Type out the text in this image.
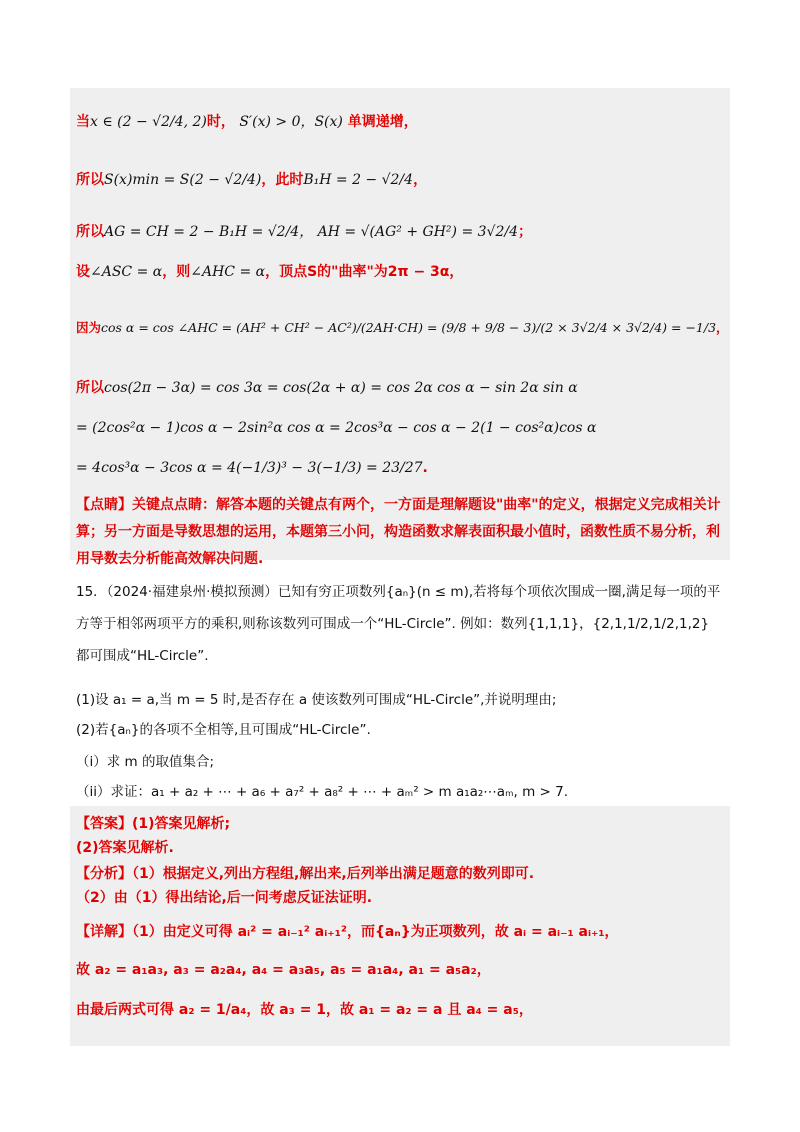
当x ∈ (2 − √2/4, 2)时， S′(x) > 0，S(x) 单调递增，
所以S(x)min = S(2 − √2/4)，此时B₁H = 2 − √2/4，
所以AG = CH = 2 − B₁H = √2/4， AH = √(AG² + GH²) = 3√2/4；
设∠ASC = α，则∠AHC = α，顶点S的"曲率"为2π − 3α，
因为cos α = cos ∠AHC = (AH² + CH² − AC²)/(2AH·CH) = (9/8 + 9/8 − 3)/(2 × 3√2/4 × 3√2/4) = −1/3，
所以cos(2π − 3α) = cos 3α = cos(2α + α) = cos 2α cos α − sin 2α sin α
= (2cos²α − 1)cos α − 2sin²α cos α = 2cos³α − cos α − 2(1 − cos²α)cos α
= 4cos³α − 3cos α = 4(−1/3)³ − 3(−1/3) = 23/27.
【点睛】关键点点睛：解答本题的关键点有两个，一方面是理解题设"曲率"的定义，根据定义完成相关计算；另一方面是导数思想的运用，本题第三小问，构造函数求解表面积最小值时，函数性质不易分析，利用导数去分析能高效解决问题.
15．（2024·福建泉州·模拟预测）已知有穷正项数列{aₙ}(n ≤ m),若将每个项依次围成一圈,满足每一项的平方等于相邻两项平方的乘积,则称该数列可围成一个“HL-Circle”. 例如：数列{1,1,1}，{2,1,1/2,1/2,1,2}都可围成“HL-Circle”.
(1)设 a₁ = a,当 m = 5 时,是否存在 a 使该数列可围成“HL-Circle”,并说明理由;
(2)若{aₙ}的各项不全相等,且可围成“HL-Circle”.
（i）求 m 的取值集合;
（ii）求证：a₁ + a₂ + ⋯ + a₆ + a₇² + a₈² + ⋯ + aₘ² > m a₁a₂⋯aₘ, m > 7.
【答案】(1)答案见解析;
(2)答案见解析.
【分析】（1）根据定义,列出方程组,解出来,后列举出满足题意的数列即可.
（2）由（1）得出结论,后一问考虑反证法证明.
【详解】（1）由定义可得 aᵢ² = aᵢ₋₁² aᵢ₊₁²，而{aₙ}为正项数列，故 aᵢ = aᵢ₋₁ aᵢ₊₁，
故 a₂ = a₁a₃, a₃ = a₂a₄, a₄ = a₃a₅, a₅ = a₁a₄, a₁ = a₅a₂，
由最后两式可得 a₂ = 1/a₄，故 a₃ = 1，故 a₁ = a₂ = a 且 a₄ = a₅，
